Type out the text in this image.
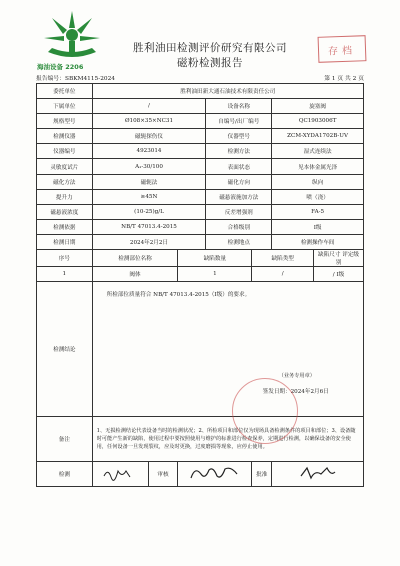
海油设备 2206
胜利油田检测评价研究有限公司
磁粉检测报告
存档
报告编号：SBKM4115-2024	第 1 页 共 2 页
委托单位	胜利油田新大通石油技术有限责任公司						
下属单位	/			设备名称		旋塞阀	
规格型号	Ø108×35×NC31			自编号/出厂编号		QC1903006T	
检测仪器	磁轭探伤仪			仪器型号		ZCM-XYDA1702B-UV	
仪器编号	4923014			检测方法		湿式连续法	
灵敏度试片	A₁-30/100			表面状态		见本体金属光泽	
磁化方法	磁轭法			磁化方向		纵向	
提升力	≥45N			磁悬液施加方法		喷（浇）	
磁悬液浓度	(10-25)g/L			反差增强剂		FA-5	
检测依据	NB/T 47013.4-2015			合格级别		Ⅰ级	
检测日期	2024年2月2日			检测地点		检测操作车间	
序号	检测部位名称		缺陷数量		缺陷类型		缺陷尺寸 评定级别
1	阀体		1		/		/ Ⅰ级
检测结论	所检部位质量符合 NB/T 47013.4-2015（Ⅰ级）的要求。
（业务专用章）
签发日期：2024年2月6日						

备注	1、无损检测结论代表设备当时的检测状况；2、所检项目和部位仅为现场具备检测条件的项目和部位；3、设备随时可能产生新的缺陷，使用过程中要按照使用与维护的标准进行检查保养，定期进行检测，以确保设备的安全使用，任何设备一旦发现裂纹，应及时更换，过度磨损等现象，应停止使用。						
检测		审核			批准	
